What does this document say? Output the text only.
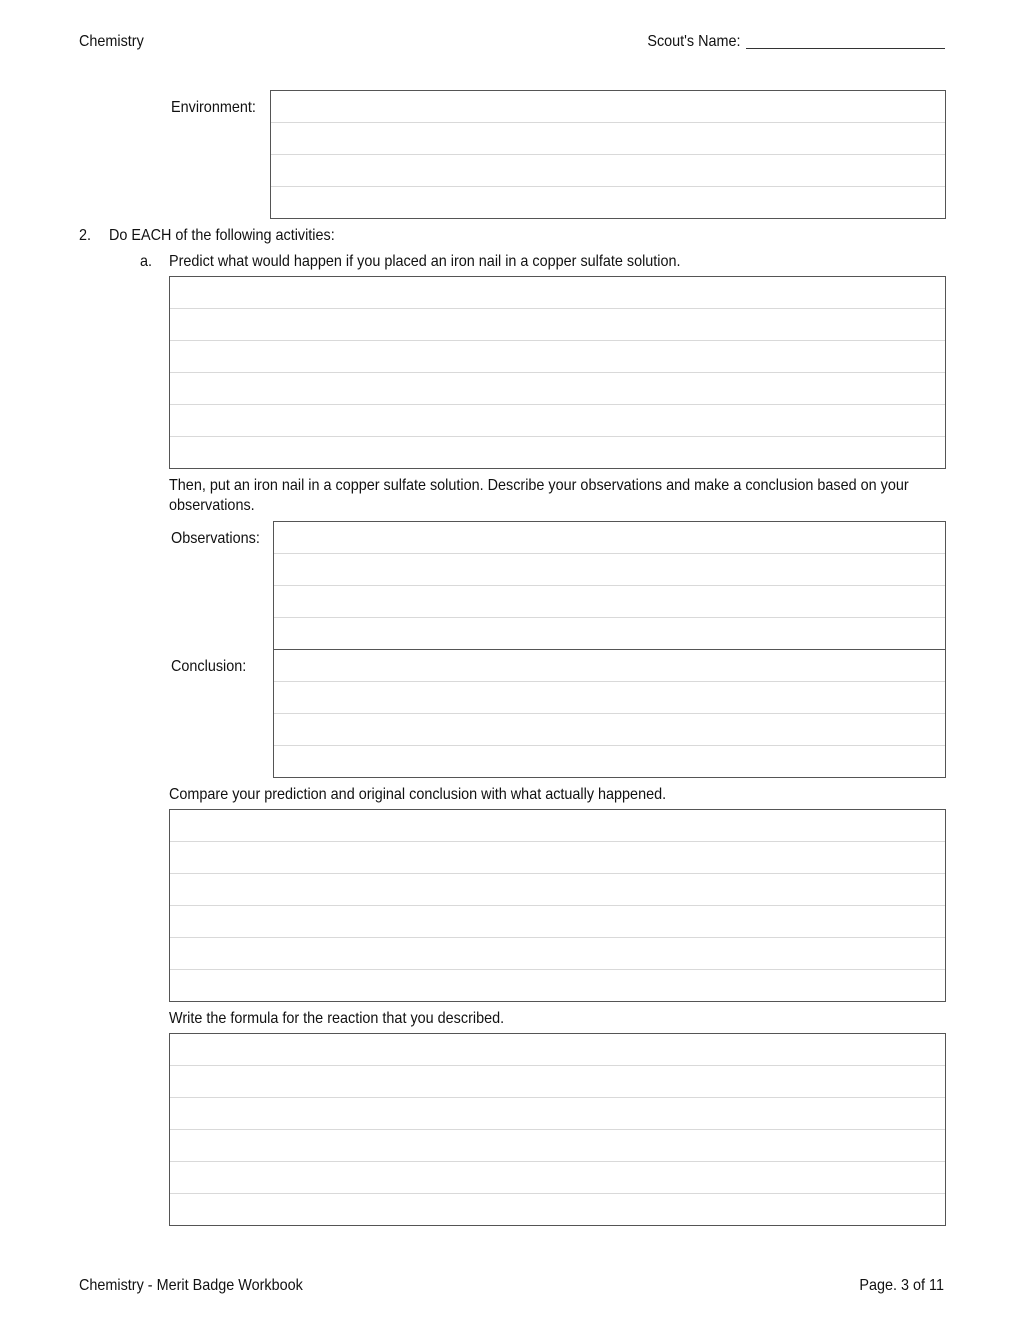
Chemistry	Scout's Name:
Environment:
2. Do EACH of the following activities:
a. Predict what would happen if you placed an iron nail in a copper sulfate solution.
Then, put an iron nail in a copper sulfate solution. Describe your observations and make a conclusion based on your observations.
Observations:
Conclusion:
Compare your prediction and original conclusion with what actually happened.
Write the formula for the reaction that you described.
Chemistry - Merit Badge Workbook	Page. 3 of 11
